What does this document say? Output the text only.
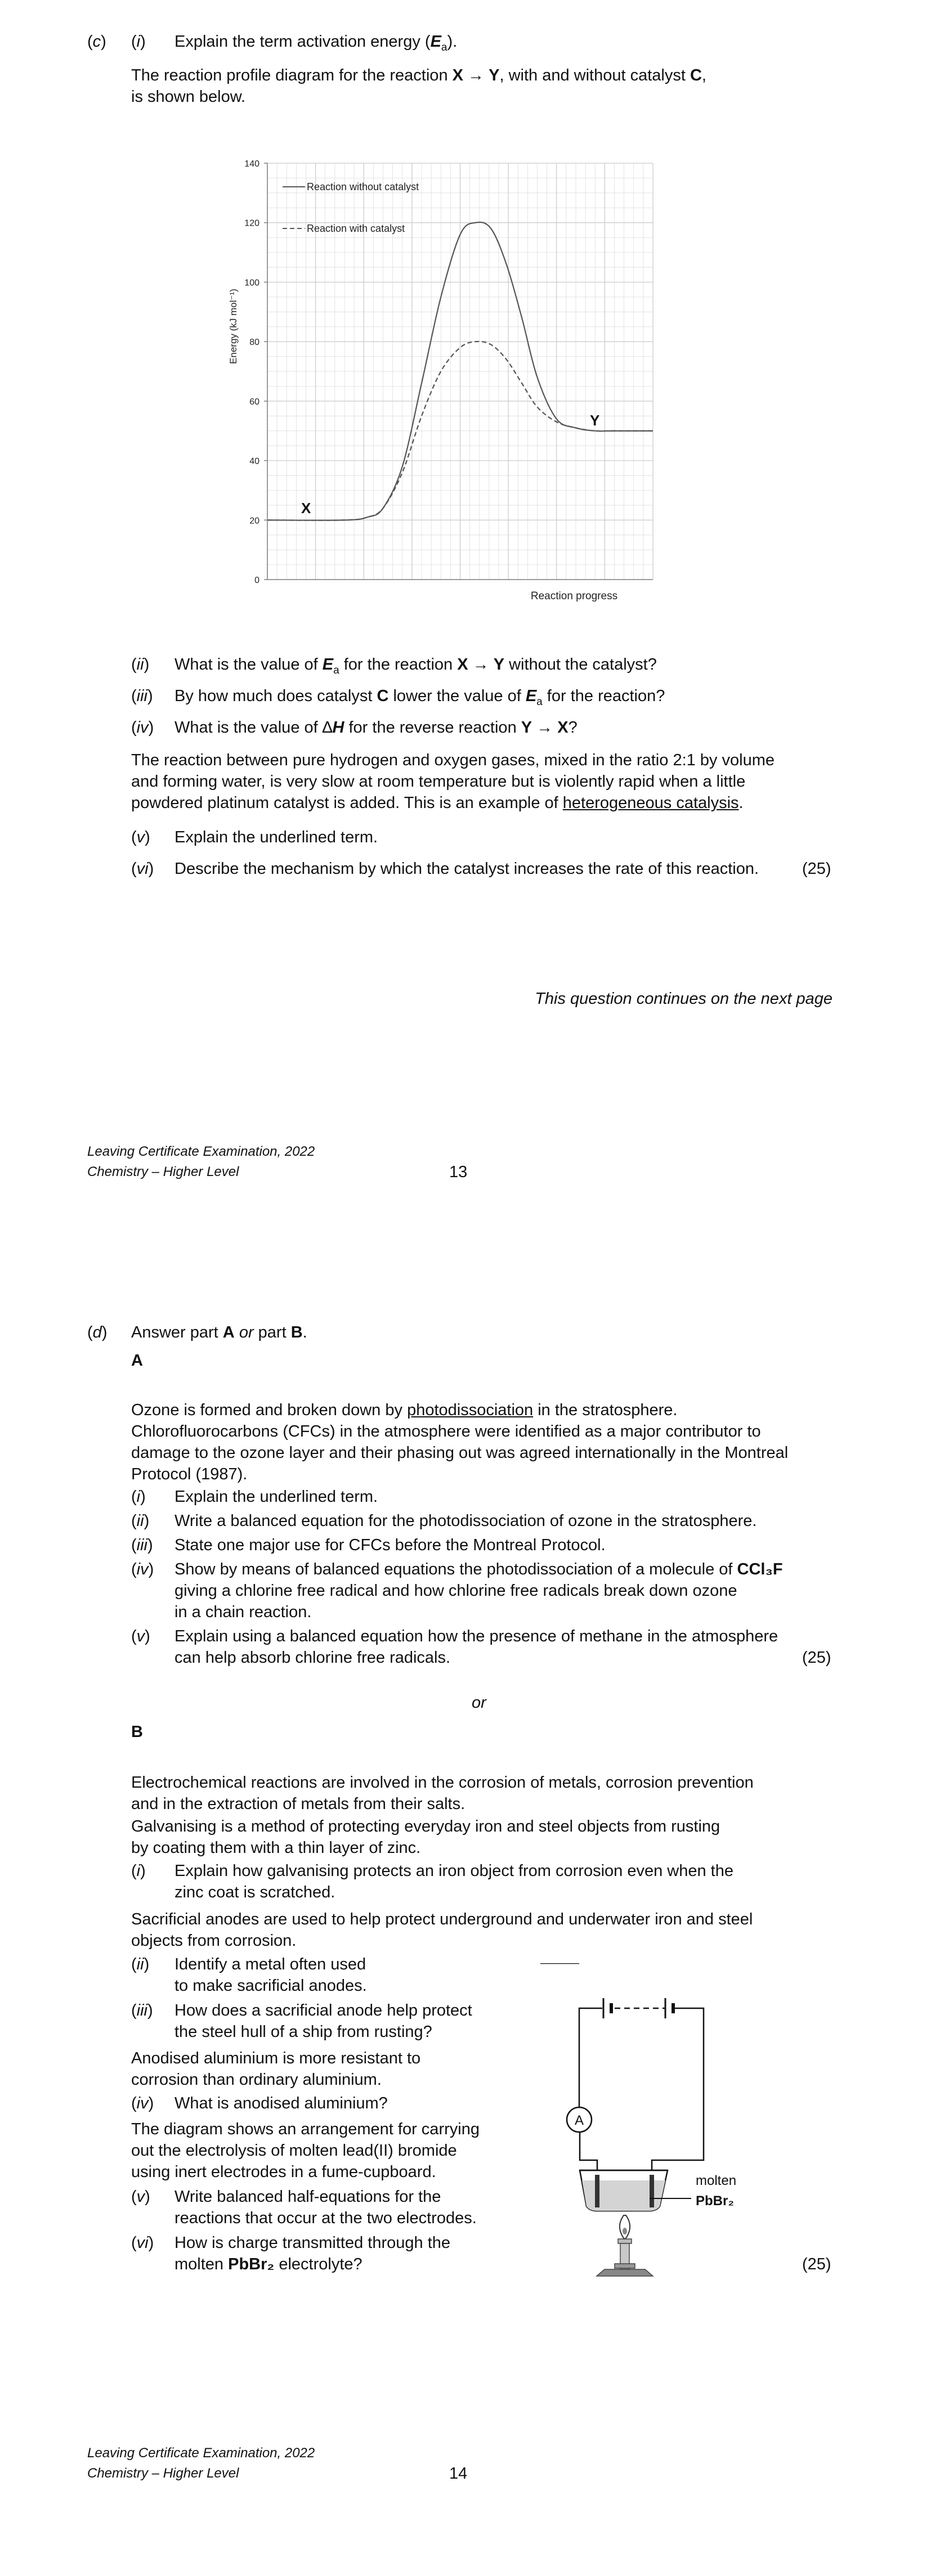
(c) (i) Explain the term activation energy $(E_a)$.
The reaction profile diagram for the reaction X → Y, with and without catalyst C,
is shown below.
0
20
40
60
80
100
120
140
Energy (kJ mol⁻¹)
Reaction progress
Reaction without catalyst
Reaction with catalyst
X
Y
(ii) What is the value of $E_a$ for the reaction X → Y without the catalyst?
(iii) By how much does catalyst C lower the value of $E_a$ for the reaction?
(iv) What is the value of ∆H for the reverse reaction Y → X?
The reaction between pure hydrogen and oxygen gases, mixed in the ratio 2:1 by volume
and forming water, is very slow at room temperature but is violently rapid when a little
powdered platinum catalyst is added. This is an example of heterogeneous catalysis.
(v) Explain the underlined term.
(vi) Describe the mechanism by which the catalyst increases the rate of this reaction.	(25)
This question continues on the next page
Leaving Certificate Examination, 2022
Chemistry – Higher Level	13
(d) Answer part A or part B.
A
Ozone is formed and broken down by photodissociation in the stratosphere.
Chlorofluorocarbons (CFCs) in the atmosphere were identified as a major contributor to
damage to the ozone layer and their phasing out was agreed internationally in the Montreal
Protocol (1987).
(i) Explain the underlined term.
(ii) Write a balanced equation for the photodissociation of ozone in the stratosphere.
(iii) State one major use for CFCs before the Montreal Protocol.
(iv) Show by means of balanced equations the photodissociation of a molecule of CCl₃F
giving a chlorine free radical and how chlorine free radicals break down ozone
in a chain reaction.
(v) Explain using a balanced equation how the presence of methane in the atmosphere
can help absorb chlorine free radicals.	(25)
or
B
Electrochemical reactions are involved in the corrosion of metals, corrosion prevention
and in the extraction of metals from their salts.
Galvanising is a method of protecting everyday iron and steel objects from rusting
by coating them with a thin layer of zinc.
(i) Explain how galvanising protects an iron object from corrosion even when the
zinc coat is scratched.
Sacrificial anodes are used to help protect underground and underwater iron and steel
objects from corrosion.
(ii) Identify a metal often used
to make sacrificial anodes.
(iii) How does a sacrificial anode help protect
the steel hull of a ship from rusting?
Anodised aluminium is more resistant to
corrosion than ordinary aluminium.
(iv) What is anodised aluminium?
The diagram shows an arrangement for carrying
out the electrolysis of molten lead(II) bromide
using inert electrodes in a fume-cupboard.
(v) Write balanced half-equations for the
reactions that occur at the two electrodes.
(vi) How is charge transmitted through the
molten PbBr₂ electrolyte?	(25)
A
molten
PbBr₂
Leaving Certificate Examination, 2022
Chemistry – Higher Level	14
